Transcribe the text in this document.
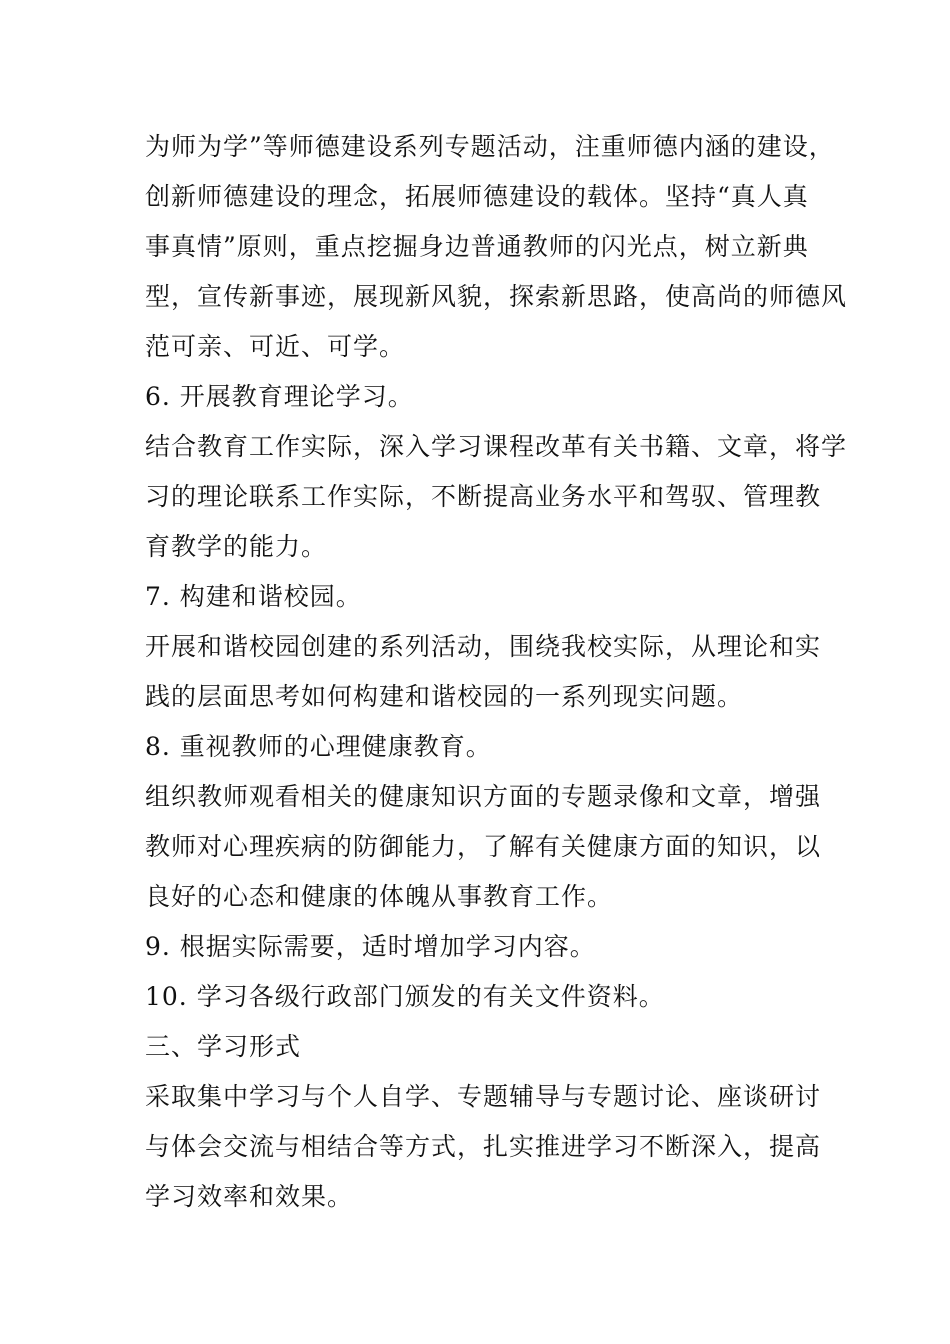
为师为学”等师德建设系列专题活动，注重师德内涵的建设，
创新师德建设的理念，拓展师德建设的载体。坚持“真人真
事真情”原则，重点挖掘身边普通教师的闪光点，树立新典
型，宣传新事迹，展现新风貌，探索新思路，使高尚的师德风
范可亲、可近、可学。
6. 开展教育理论学习。
结合教育工作实际，深入学习课程改革有关书籍、文章，将学
习的理论联系工作实际，不断提高业务水平和驾驭、管理教
育教学的能力。
7. 构建和谐校园。
开展和谐校园创建的系列活动，围绕我校实际，从理论和实
践的层面思考如何构建和谐校园的一系列现实问题。
8. 重视教师的心理健康教育。
组织教师观看相关的健康知识方面的专题录像和文章，增强
教师对心理疾病的防御能力，了解有关健康方面的知识，以
良好的心态和健康的体魄从事教育工作。
9. 根据实际需要，适时增加学习内容。
10. 学习各级行政部门颁发的有关文件资料。
三、学习形式
采取集中学习与个人自学、专题辅导与专题讨论、座谈研讨
与体会交流与相结合等方式，扎实推进学习不断深入，提高
学习效率和效果。
